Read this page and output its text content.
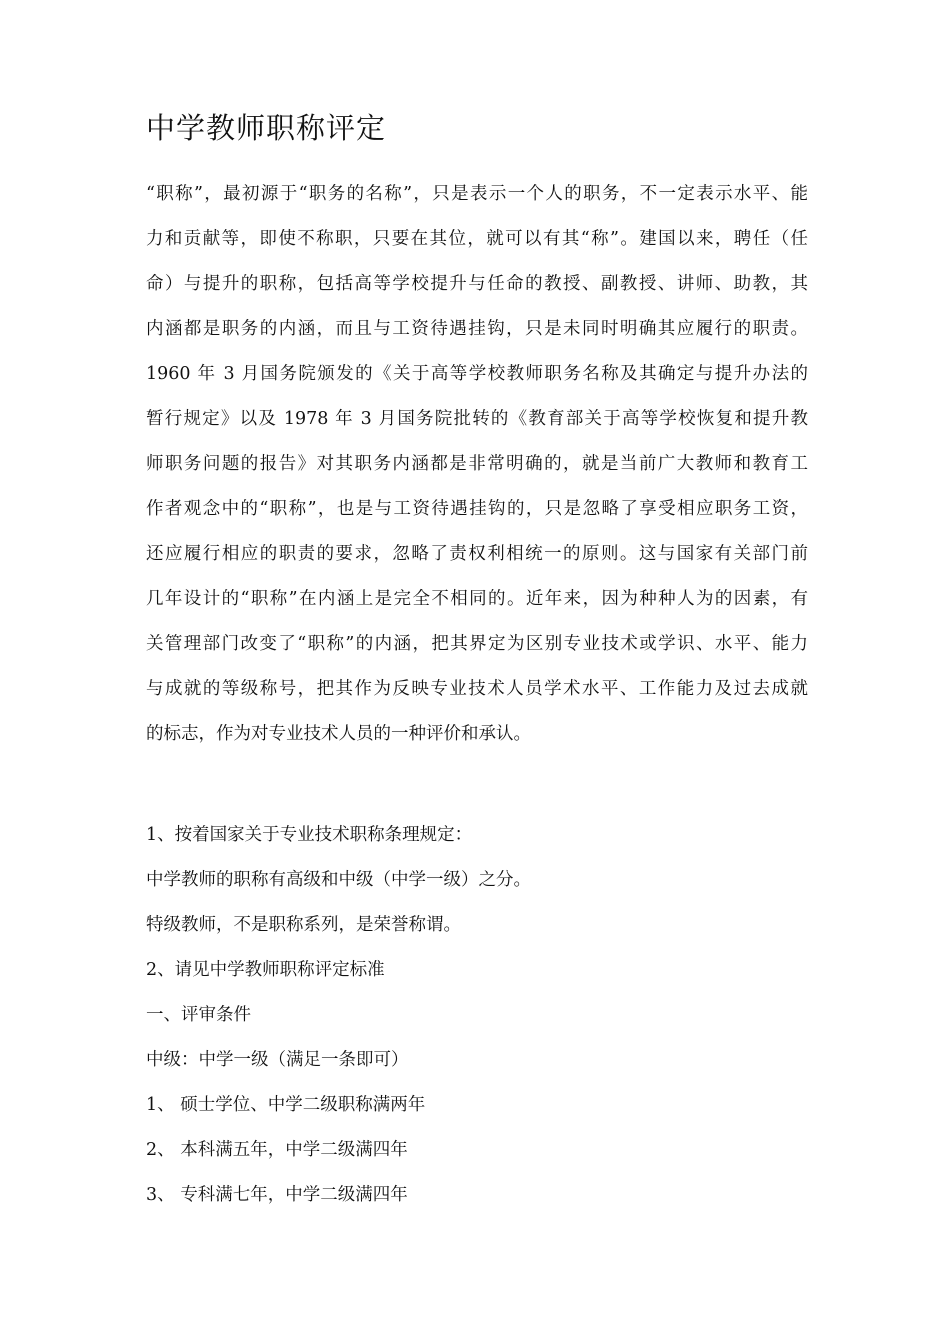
中学教师职称评定
“职称”，最初源于“职务的名称”，只是表示一个人的职务，不一定表示水平、能
力和贡献等，即使不称职，只要在其位，就可以有其“称”。建国以来，聘任（任
命）与提升的职称，包括高等学校提升与任命的教授、副教授、讲师、助教，其
内涵都是职务的内涵，而且与工资待遇挂钩，只是未同时明确其应履行的职责。
1960 年 3 月国务院颁发的《关于高等学校教师职务名称及其确定与提升办法的
暂行规定》以及 1978 年 3 月国务院批转的《教育部关于高等学校恢复和提升教
师职务问题的报告》对其职务内涵都是非常明确的，就是当前广大教师和教育工
作者观念中的“职称”，也是与工资待遇挂钩的，只是忽略了享受相应职务工资，
还应履行相应的职责的要求，忽略了责权利相统一的原则。这与国家有关部门前
几年设计的“职称”在内涵上是完全不相同的。近年来，因为种种人为的因素，有
关管理部门改变了“职称”的内涵，把其界定为区别专业技术或学识、水平、能力
与成就的等级称号，把其作为反映专业技术人员学术水平、工作能力及过去成就
的标志，作为对专业技术人员的一种评价和承认。
1、按着国家关于专业技术职称条理规定：
中学教师的职称有高级和中级（中学一级）之分。
特级教师，不是职称系列，是荣誉称谓。
2、请见中学教师职称评定标准
一、评审条件
中级：中学一级（满足一条即可）
1、 硕士学位、中学二级职称满两年
2、 本科满五年，中学二级满四年
3、 专科满七年，中学二级满四年
